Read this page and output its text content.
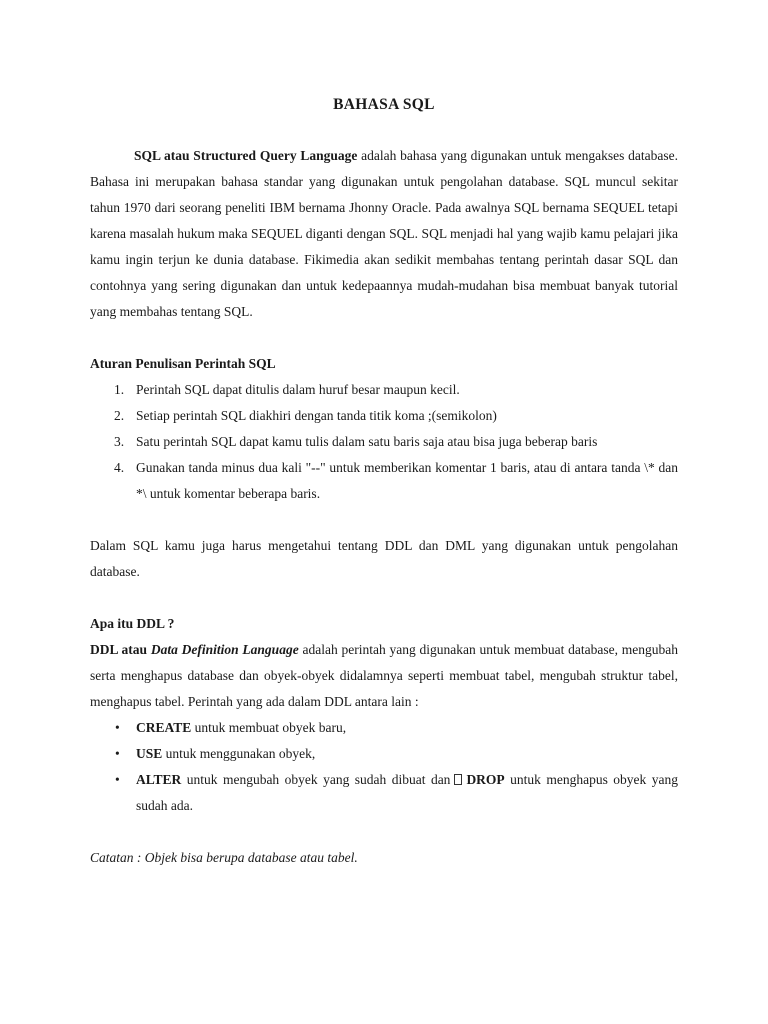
BAHASA SQL

SQL atau Structured Query Language adalah bahasa yang digunakan untuk mengakses database. Bahasa ini merupakan bahasa standar yang digunakan untuk pengolahan database. SQL muncul sekitar tahun 1970 dari seorang peneliti IBM bernama Jhonny Oracle. Pada awalnya SQL bernama SEQUEL tetapi karena masalah hukum maka SEQUEL diganti dengan SQL. SQL menjadi hal yang wajib kamu pelajari jika kamu ingin terjun ke dunia database. Fikimedia akan sedikit membahas tentang perintah dasar SQL dan contohnya yang sering digunakan dan untuk kedepaannya mudah-mudahan bisa membuat banyak tutorial yang membahas tentang SQL.

Aturan Penulisan Perintah SQL

1. Perintah SQL dapat ditulis dalam huruf besar maupun kecil.
2. Setiap perintah SQL diakhiri dengan tanda titik koma ;(semikolon)
3. Satu perintah SQL dapat kamu tulis dalam satu baris saja atau bisa juga beberap baris
4. Gunakan tanda minus dua kali "--" untuk memberikan komentar 1 baris, atau di antara tanda \* dan *\ untuk komentar beberapa baris.

Dalam SQL kamu juga harus mengetahui tentang DDL dan DML yang digunakan untuk pengolahan database.

Apa itu DDL ?

DDL atau Data Definition Language adalah perintah yang digunakan untuk membuat database, mengubah serta menghapus database dan obyek-obyek didalamnya seperti membuat tabel, mengubah struktur tabel, menghapus tabel. Perintah yang ada dalam DDL antara lain :

• CREATE untuk membuat obyek baru,
• USE untuk menggunakan obyek,
• ALTER untuk mengubah obyek yang sudah dibuat dan DROP untuk menghapus obyek yang sudah ada.

Catatan : Objek bisa berupa database atau tabel.
